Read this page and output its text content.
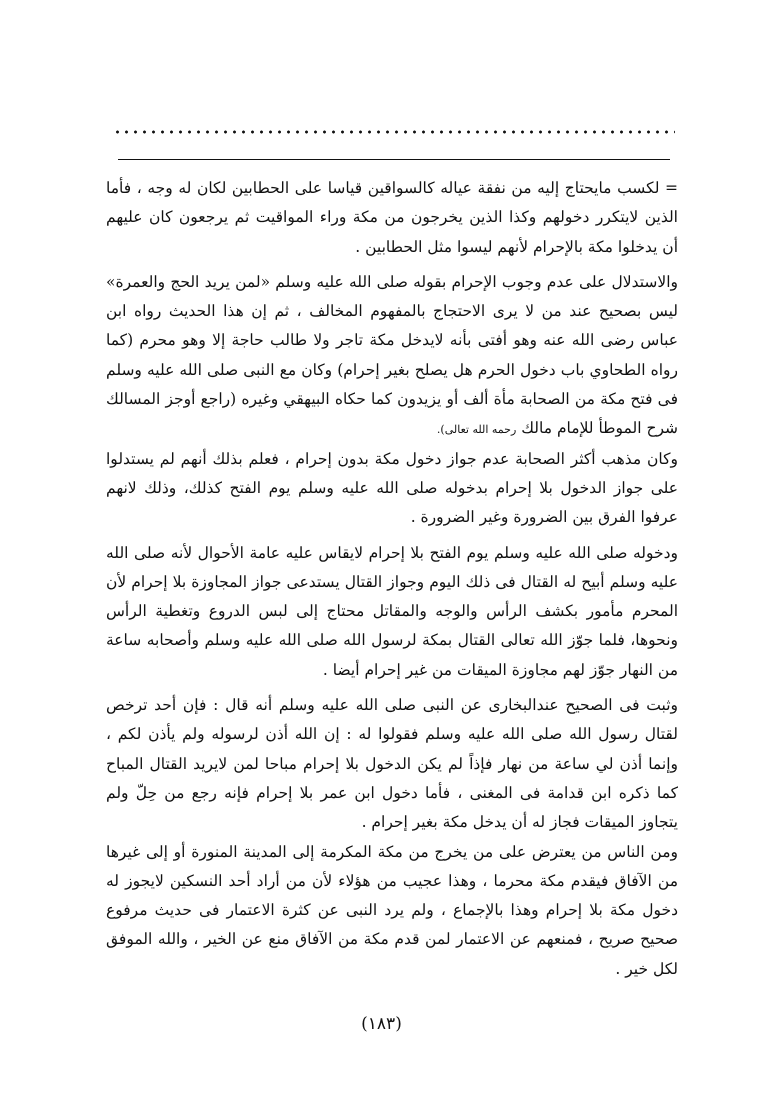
= لكسب مايحتاج إليه من نفقة عياله كالسواقين قياسا على الحطابين لكان له وجه ، فأما الذين لايتكرر دخولهم وكذا الذين يخرجون من مكة وراء المواقيت ثم يرجعون كان عليهم أن يدخلوا مكة بالإحرام لأنهم ليسوا مثل الحطابين .

والاستدلال على عدم وجوب الإحرام بقوله صلى الله عليه وسلم «لمن يريد الحج والعمرة» ليس بصحيح عند من لا يرى الاحتجاج بالمفهوم المخالف ، ثم إن هذا الحديث رواه ابن عباس رضى الله عنه وهو أفتى بأنه لايدخل مكة تاجر ولا طالب حاجة إلا وهو محرم (كما رواه الطحاوي باب دخول الحرم هل يصلح بغير إحرام) وكان مع النبى صلى الله عليه وسلم فى فتح مكة من الصحابة مأة ألف أو يزيدون كما حكاه البيهقي وغيره (راجع أوجز المسالك شرح الموطأ للإمام مالك رحمه الله تعالى).

وكان مذهب أكثر الصحابة عدم جواز دخول مكة بدون إحرام ، فعلم بذلك أنهم لم يستدلوا على جواز الدخول بلا إحرام بدخوله صلى الله عليه وسلم يوم الفتح كذلك، وذلك لانهم عرفوا الفرق بين الضرورة وغير الضرورة .

ودخوله صلى الله عليه وسلم يوم الفتح بلا إحرام لايقاس عليه عامة الأحوال لأنه صلى الله عليه وسلم أبيح له القتال فى ذلك اليوم وجواز القتال يستدعى جواز المجاوزة بلا إحرام لأن المحرم مأمور بكشف الرأس والوجه والمقاتل محتاج إلى لبس الدروع وتغطية الرأس ونحوها، فلما جوّز الله تعالى القتال بمكة لرسول الله صلى الله عليه وسلم وأصحابه ساعة من النهار جوّز لهم مجاوزة الميقات من غير إحرام أيضا .

وثبت فى الصحيح عندالبخارى عن النبى صلى الله عليه وسلم أنه قال : فإن أحد ترخص لقتال رسول الله صلى الله عليه وسلم فقولوا له : إن الله أذن لرسوله ولم يأذن لكم ، وإنما أذن لي ساعة من نهار فإذاً لم يكن الدخول بلا إحرام مباحا لمن لايريد القتال المباح كما ذكره ابن قدامة فى المغنى ، فأما دخول ابن عمر بلا إحرام فإنه رجع من حِلّ ولم يتجاوز الميقات فجاز له أن يدخل مكة بغير إحرام .

ومن الناس من يعترض على من يخرج من مكة المكرمة إلى المدينة المنورة أو إلى غيرها من الآفاق فيقدم مكة محرما ، وهذا عجيب من هؤلاء لأن من أراد أحد النسكين لايجوز له دخول مكة بلا إحرام وهذا بالإجماع ، ولم يرد النبى عن كثرة الاعتمار فى حديث مرفوع صحيح صريح ، فمنعهم عن الاعتمار لمن قدم مكة من الآفاق منع عن الخير ، والله الموفق لكل خير .

(١٨٣)
